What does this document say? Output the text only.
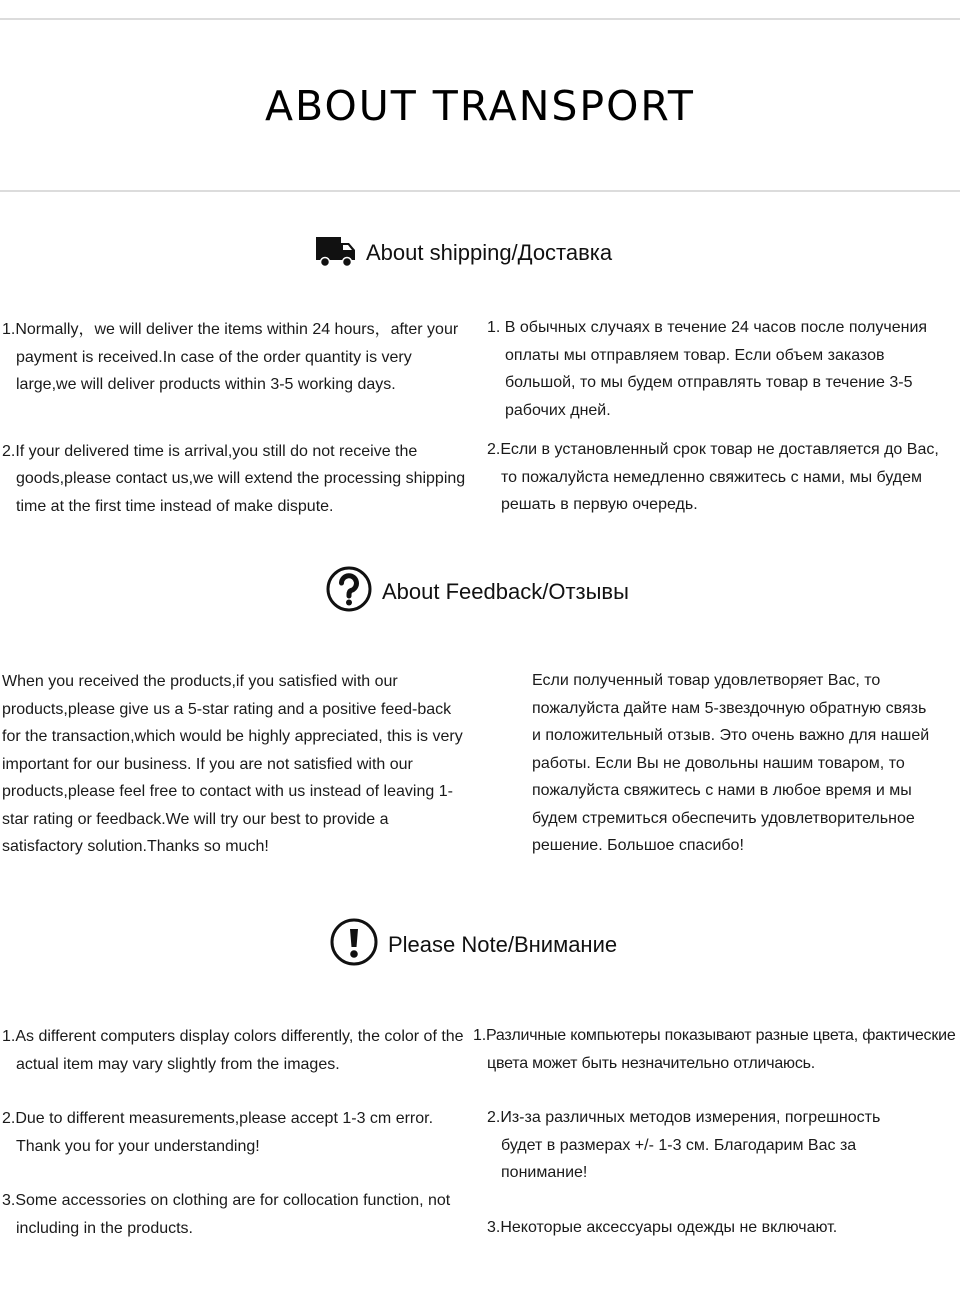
ABOUT TRANSPORT
About shipping/Доставка

1.Normally，we will deliver the items within 24 hours，after your payment is received.In case of the order quantity is very large,we will deliver products within 3-5 working days.

2.If your delivered time is arrival,you still do not receive the goods,please contact us,we will extend the processing shipping time at the first time instead of make dispute.

1. В обычных случаях в течение 24 часов после получения оплаты мы отправляем товар. Если объем заказов большой, то мы будем отправлять товар в течение 3-5 рабочих дней.

2.Если в установленный срок товар не доставляется до Вас, то пожалуйста немедленно свяжитесь с нами, мы будем решать в первую очередь.

About Feedback/Отзывы

When you received the products,if you satisfied with our products,please give us a 5-star rating and a positive feed-back for the transaction,which would be highly appreciated, this is very important for our business. If you are not satisfied with our products,please feel free to contact with us instead of leaving 1- star rating or feedback.We will try our best to provide a satisfactory solution.Thanks so much!

Если полученный товар удовлетворяет Вас, то пожалуйста дайте нам 5-звездочную обратную связь и положительный отзыв. Это очень важно для нашей работы. Если Вы не довольны нашим товаром, то пожалуйста свяжитесь с нами в любое время и мы будем стремиться обеспечить удовлетворительное решение. Большое спасибо!

Please Note/Внимание

1.As different computers display colors differently, the color of the actual item may vary slightly from the images.

2.Due to different measurements,please accept 1-3 cm error. Thank you for your understanding!

3.Some accessories on clothing are for collocation function, not including in the products.

1.Различные компьютеры показывают разные цвета, фактические цвета может быть незначительно отличаюсь.

2.Из-за различных методов измерения, погрешность будет в размерах +/- 1-3 см. Благодарим Вас за понимание!

3.Некоторые аксессуары одежды не включают.
